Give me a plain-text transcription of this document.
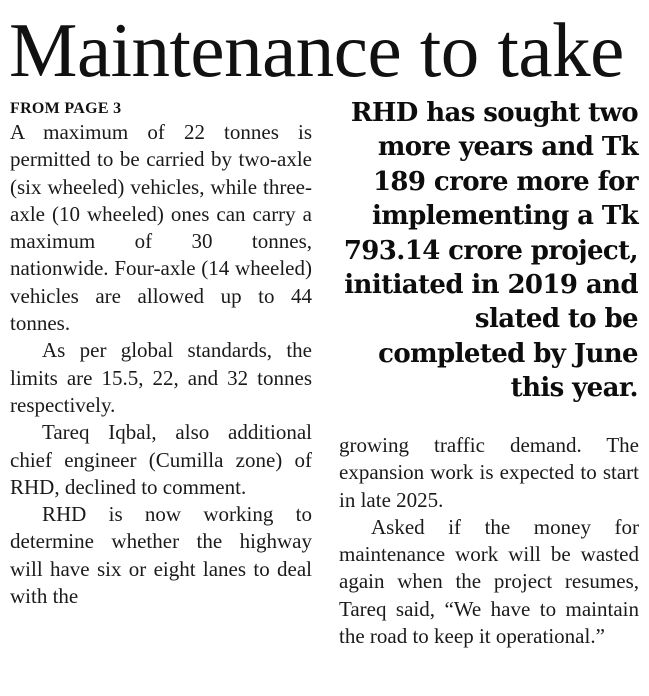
Maintenance to take
FROM PAGE 3

A maximum of 22 tonnes is permitted to be carried by two-axle (six wheeled) vehicles, while three-axle (10 wheeled) ones can carry a maximum of 30 tonnes, nationwide. Four-axle (14 wheeled) vehicles are allowed up to 44 tonnes.

As per global standards, the limits are 15.5, 22, and 32 tonnes respectively.

Tareq Iqbal, also additional chief engineer (Cumilla zone) of RHD, declined to comment.

RHD is now working to determine whether the highway will have six or eight lanes to deal with the

RHD has sought two more years and Tk 189 crore more for implementing a Tk 793.14 crore project, initiated in 2019 and slated to be completed by June this year.

growing traffic demand. The expansion work is expected to start in late 2025.

Asked if the money for maintenance work will be wasted again when the project resumes, Tareq said, “We have to maintain the road to keep it operational.”
